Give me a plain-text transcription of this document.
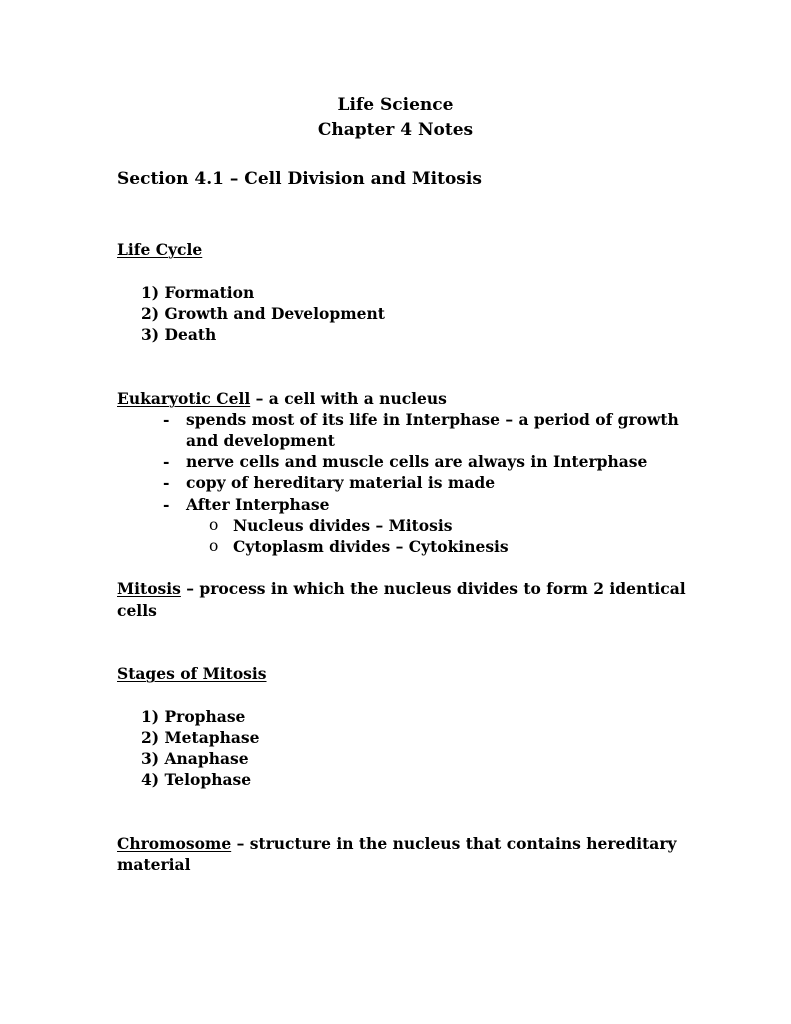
Life Science
Chapter 4 Notes
Section 4.1 – Cell Division and Mitosis
Life Cycle
1) Formation
2) Growth and Development
3) Death
Eukaryotic Cell – a cell with a nucleus
- spends most of its life in Interphase – a period of growth
and development
- nerve cells and muscle cells are always in Interphase
- copy of hereditary material is made
- After Interphase
o Nucleus divides – Mitosis
o Cytoplasm divides – Cytokinesis
Mitosis – process in which the nucleus divides to form 2 identical
cells
Stages of Mitosis
1) Prophase
2) Metaphase
3) Anaphase
4) Telophase
Chromosome – structure in the nucleus that contains hereditary
material
